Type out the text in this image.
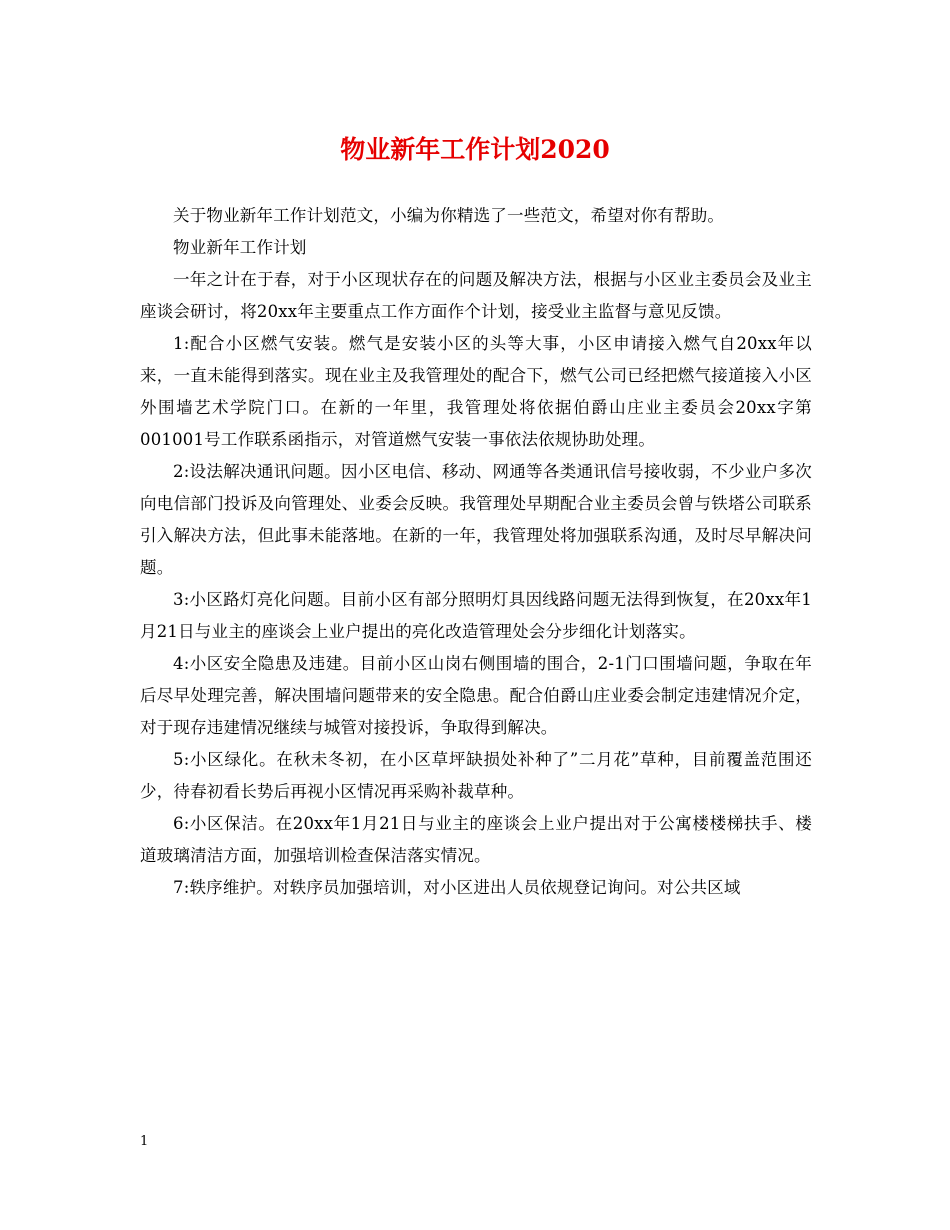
物业新年工作计划2020

关于物业新年工作计划范文，小编为你精选了一些范文，希望对你有帮助。

物业新年工作计划

一年之计在于春，对于小区现状存在的问题及解决方法，根据与小区业主委员会及业主座谈会研讨，将20xx年主要重点工作方面作个计划，接受业主监督与意见反馈。

1:配合小区燃气安装。燃气是安装小区的头等大事，小区申请接入燃气自20xx年以来，一直未能得到落实。现在业主及我管理处的配合下，燃气公司已经把燃气接道接入小区外围墙艺术学院门口。在新的一年里，我管理处将依据伯爵山庄业主委员会20xx字第001001号工作联系函指示，对管道燃气安装一事依法依规协助处理。

2:设法解决通讯问题。因小区电信、移动、网通等各类通讯信号接收弱，不少业户多次向电信部门投诉及向管理处、业委会反映。我管理处早期配合业主委员会曾与铁塔公司联系引入解决方法，但此事未能落地。在新的一年，我管理处将加强联系沟通，及时尽早解决问题。

3:小区路灯亮化问题。目前小区有部分照明灯具因线路问题无法得到恢复，在20xx年1月21日与业主的座谈会上业户提出的亮化改造管理处会分步细化计划落实。

4:小区安全隐患及违建。目前小区山岗右侧围墙的围合，2-1门口围墙问题，争取在年后尽早处理完善，解决围墙问题带来的安全隐患。配合伯爵山庄业委会制定违建情况介定，对于现存违建情况继续与城管对接投诉，争取得到解决。

5:小区绿化。在秋未冬初，在小区草坪缺损处补种了”二月花”草种，目前覆盖范围还少，待春初看长势后再视小区情况再采购补裁草种。

6:小区保洁。在20xx年1月21日与业主的座谈会上业户提出对于公寓楼楼梯扶手、楼道玻璃清洁方面，加强培训检查保洁落实情况。

7:轶序维护。对轶序员加强培训，对小区进出人员依规登记询问。对公共区域

1
